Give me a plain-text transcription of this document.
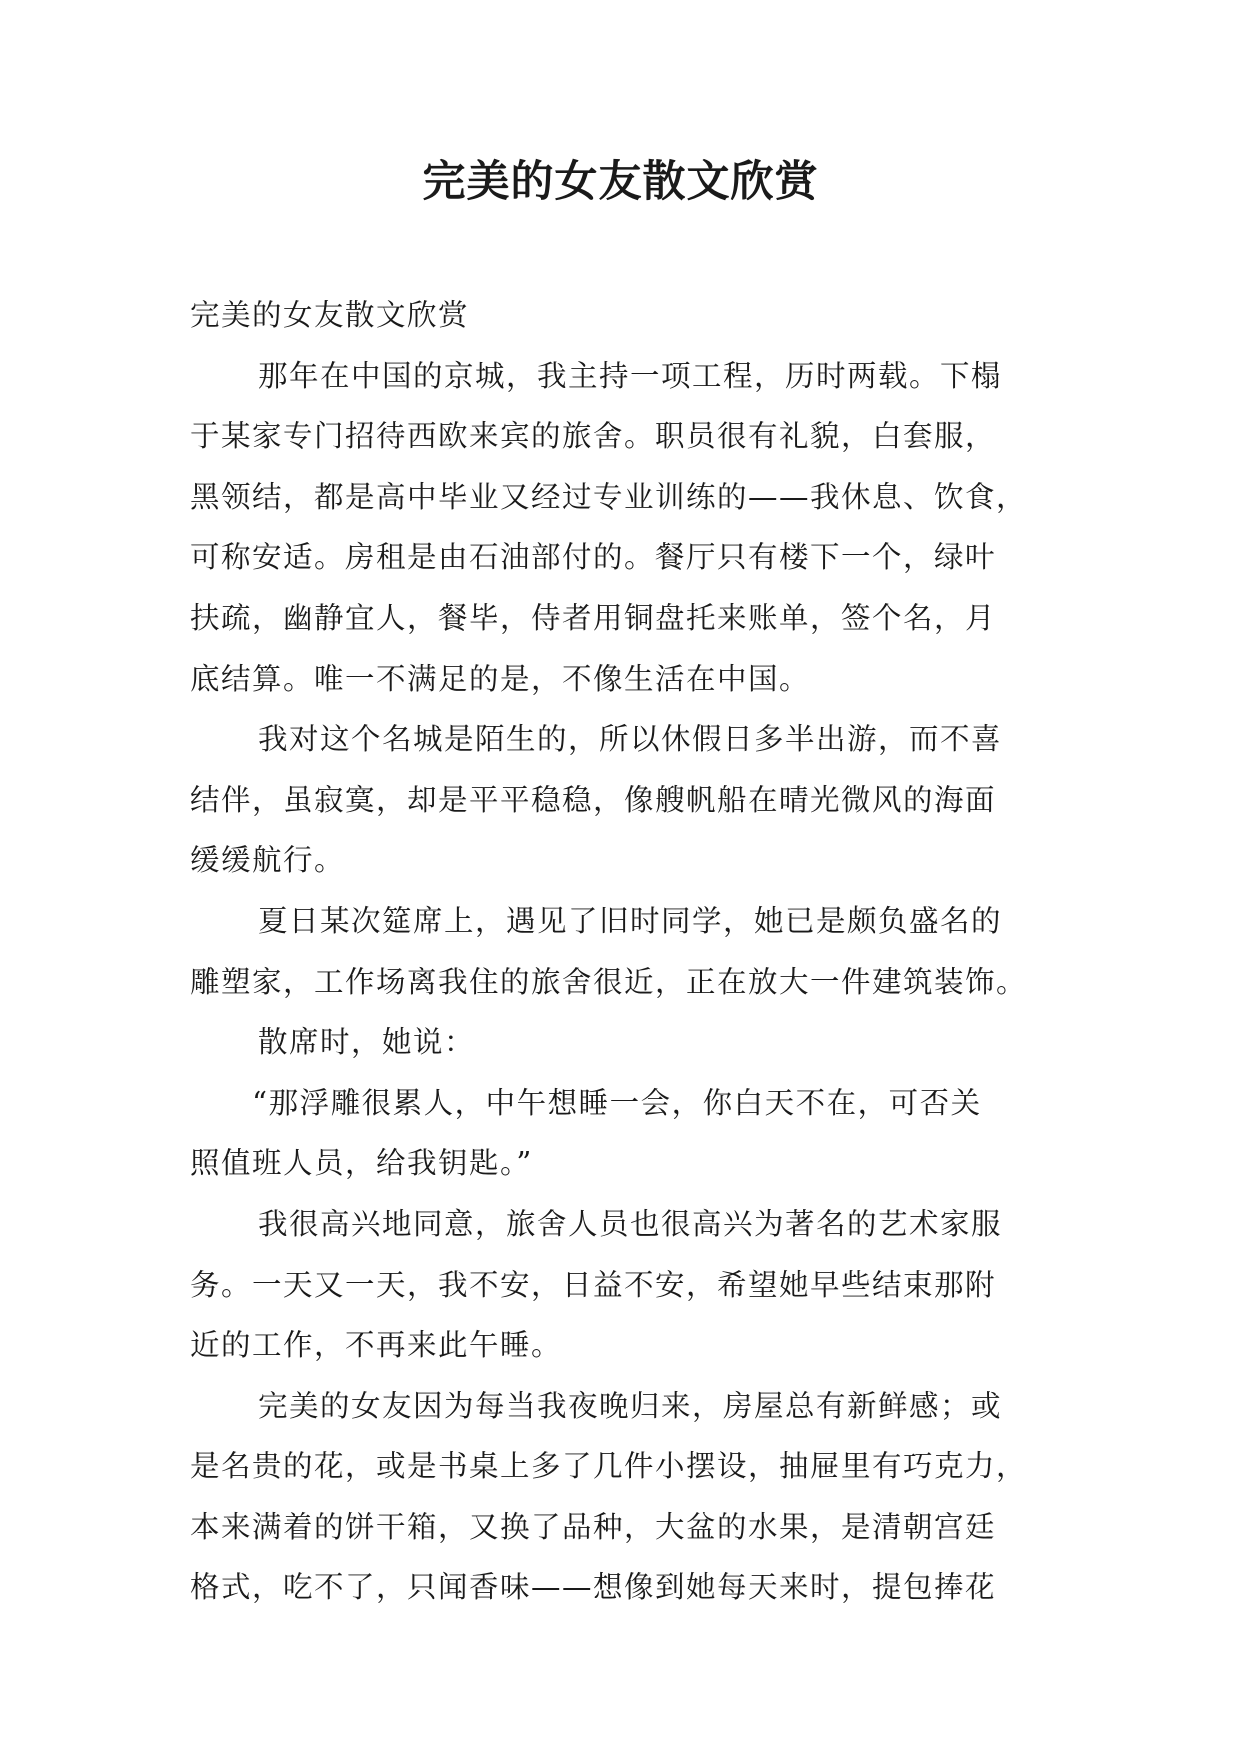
完美的女友散文欣赏
完美的女友散文欣赏
那年在中国的京城，我主持一项工程，历时两载。下榻
于某家专门招待西欧来宾的旅舍。职员很有礼貌，白套服，
黑领结，都是高中毕业又经过专业训练的——我休息、饮食，
可称安适。房租是由石油部付的。餐厅只有楼下一个，绿叶
扶疏，幽静宜人，餐毕，侍者用铜盘托来账单，签个名，月
底结算。唯一不满足的是，不像生活在中国。
我对这个名城是陌生的，所以休假日多半出游，而不喜
结伴，虽寂寞，却是平平稳稳，像艘帆船在晴光微风的海面
缓缓航行。
夏日某次筵席上，遇见了旧时同学，她已是颇负盛名的
雕塑家，工作场离我住的旅舍很近，正在放大一件建筑装饰。
散席时，她说：
“那浮雕很累人，中午想睡一会，你白天不在，可否关
照值班人员，给我钥匙。”
我很高兴地同意，旅舍人员也很高兴为著名的艺术家服
务。一天又一天，我不安，日益不安，希望她早些结束那附
近的工作，不再来此午睡。
完美的女友因为每当我夜晚归来，房屋总有新鲜感；或
是名贵的花，或是书桌上多了几件小摆设，抽屉里有巧克力，
本来满着的饼干箱，又换了品种，大盆的水果，是清朝宫廷
格式，吃不了，只闻香味——想像到她每天来时，提包捧花
